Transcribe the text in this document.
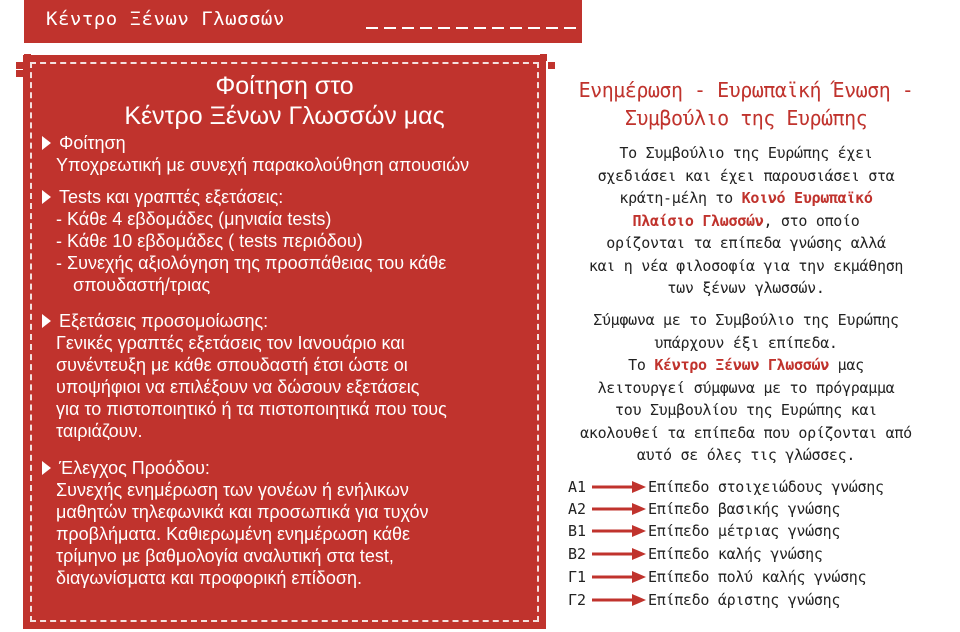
Κέντρο Ξένων Γλωσσών
Φοίτηση στο
Κέντρο Ξένων Γλωσσών μας
Φοίτηση
Υποχρεωτική με συνεχή παρακολούθηση απουσιών
Tests και γραπτές εξετάσεις:
- Κάθε 4 εβδομάδες (μηνιαία tests)
- Κάθε 10 εβδομάδες ( tests περιόδου)
- Συνεχής αξιολόγηση της προσπάθειας του κάθε
σπουδαστή/τριας
Εξετάσεις προσομοίωσης:
Γενικές γραπτές εξετάσεις τον Ιανουάριο και
συνέντευξη με κάθε σπουδαστή έτσι ώστε οι
υποψήφιοι να επιλέξουν να δώσουν εξετάσεις
για το πιστοποιητικό ή τα πιστοποιητικά που τους
ταιριάζουν.
Έλεγχος Προόδου:
Συνεχής ενημέρωση των γονέων ή ενήλικων
μαθητών τηλεφωνικά και προσωπικά για τυχόν
προβλήματα. Καθιερωμένη ενημέρωση κάθε
τρίμηνο με βαθμολογία αναλυτική στα test,
διαγωνίσματα και προφορική επίδοση.
Ενημέρωση - Ευρωπαϊκή Ένωση -
Συμβούλιο της Ευρώπης
Το Συμβούλιο της Ευρώπης έχει
σχεδιάσει και έχει παρουσιάσει στα
κράτη-μέλη το Κοινό Ευρωπαϊκό
Πλαίσιο Γλωσσών, στο οποίο
ορίζονται τα επίπεδα γνώσης αλλά
και η νέα φιλοσοφία για την εκμάθηση
των ξένων γλωσσών.
Σύμφωνα με το Συμβούλιο της Ευρώπης
υπάρχουν έξι επίπεδα.
Το Κέντρο Ξένων Γλωσσών μας
λειτουργεί σύμφωνα με το πρόγραμμα
του Συμβουλίου της Ευρώπης και
ακολουθεί τα επίπεδα που ορίζονται από
αυτό σε όλες τις γλώσσες.
A1	Επίπεδο στοιχειώδους γνώσης
A2	Επίπεδο βασικής γνώσης
B1	Επίπεδο μέτριας γνώσης
B2	Επίπεδο καλής γνώσης
Γ1	Επίπεδο πολύ καλής γνώσης
Γ2	Επίπεδο άριστης γνώσης
